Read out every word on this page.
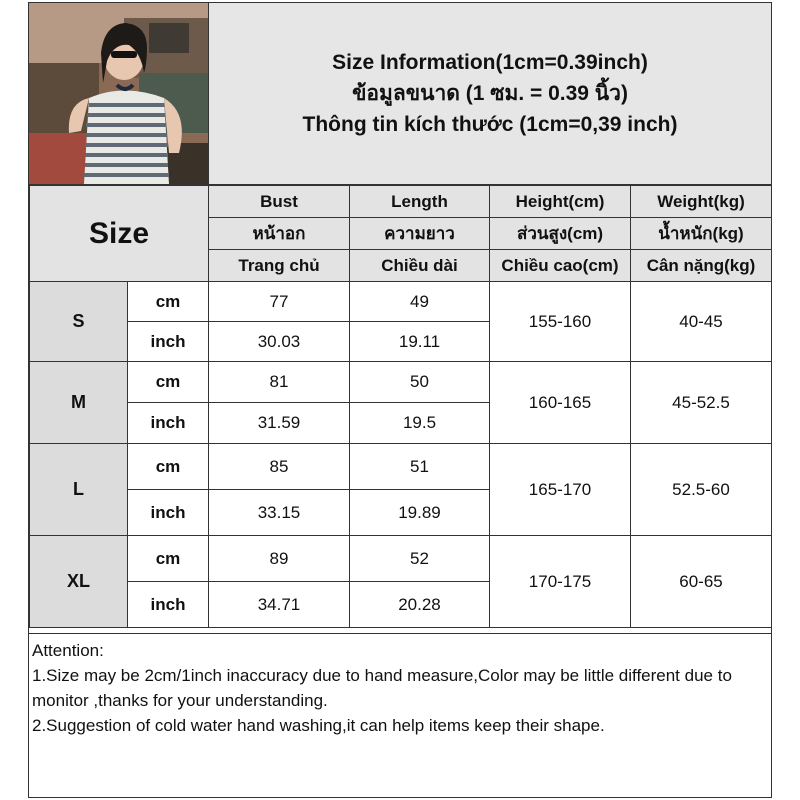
Size Information(1cm=0.39inch)
ข้อมูลขนาด (1 ซม. = 0.39 นิ้ว)
Thông tin kích thước (1cm=0,39 inch)
Size		Bust	Length	Height(cm)	Weight(kg)
		หน้าอก	ความยาว	ส่วนสูง(cm)	น้ำหนัก(kg)
		Trang chủ	Chiều dài	Chiều cao(cm)	Cân nặng(kg)
S	cm	77	49	155-160	40-45
	inch	30.03	19.11		
M	cm	81	50	160-165	45-52.5
	inch	31.59	19.5		
L	cm	85	51	165-170	52.5-60
	inch	33.15	19.89		
XL	cm	89	52	170-175	60-65
	inch	34.71	20.28		
Attention:
1.Size may be 2cm/1inch inaccuracy due to hand measure,Color may be little different due to monitor ,thanks for your understanding.
2.Suggestion of cold water hand washing,it can help items keep their shape.
